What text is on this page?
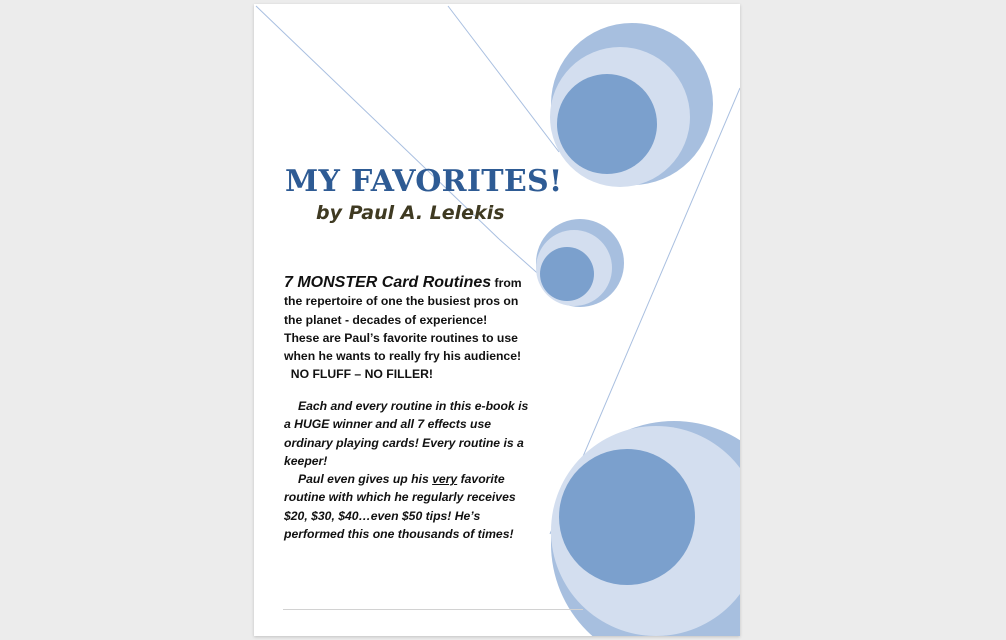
MY FAVORITES!
by Paul A. Lelekis
7 MONSTER Card Routines from
the repertoire of one the busiest pros on
the planet - decades of experience!
These are Paul’s favorite routines to use
when he wants to really fry his audience!
NO FLUFF – NO FILLER!
Each and every routine in this e-book is
a HUGE winner and all 7 effects use
ordinary playing cards! Every routine is a
keeper!
Paul even gives up his very favorite
routine with which he regularly receives
$20, $30, $40…even $50 tips! He’s
performed this one thousands of times!
